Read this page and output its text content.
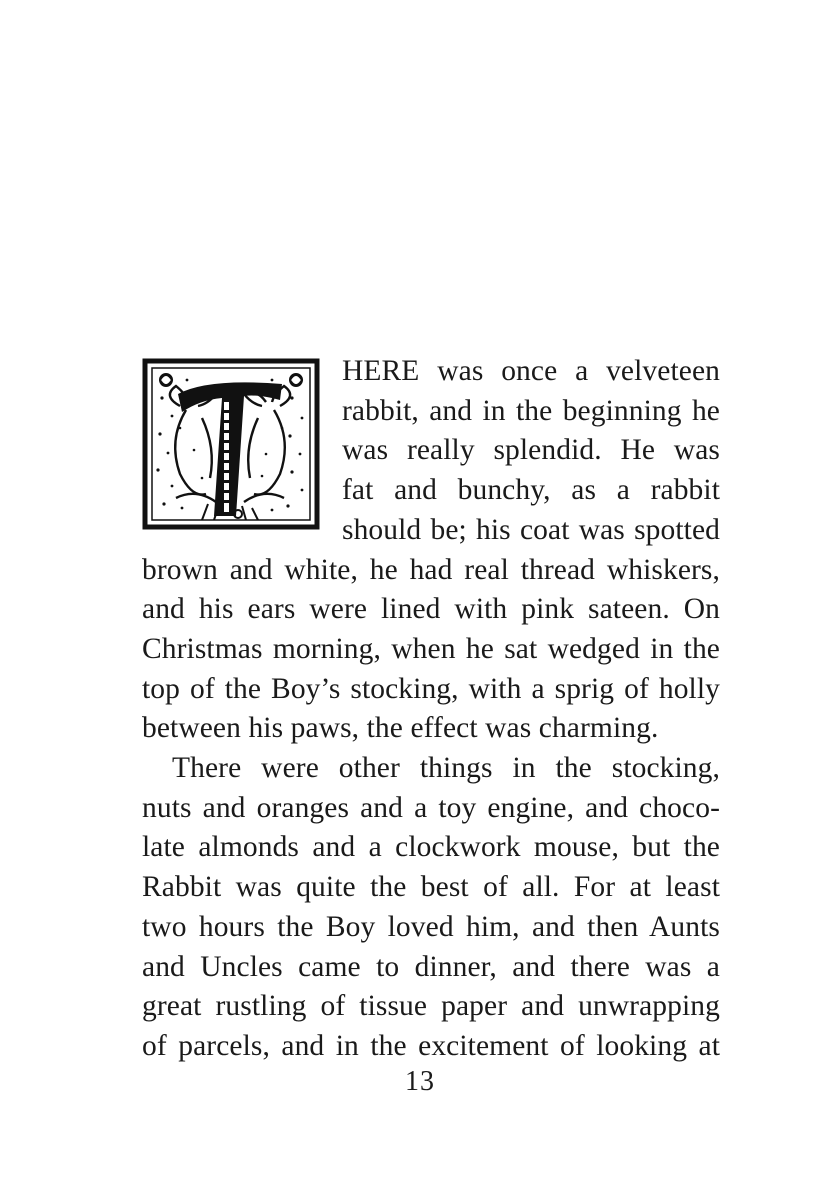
HERE was once a velveteen
rabbit, and in the beginning he
was really splendid. He was
fat and bunchy, as a rabbit
should be; his coat was spotted
brown and white, he had real thread whiskers,
and his ears were lined with pink sateen. On
Christmas morning, when he sat wedged in the
top of the Boy’s stocking, with a sprig of holly
between his paws, the effect was charming.

There were other things in the stocking,
nuts and oranges and a toy engine, and choco-
late almonds and a clockwork mouse, but the
Rabbit was quite the best of all. For at least
two hours the Boy loved him, and then Aunts
and Uncles came to dinner, and there was a
great rustling of tissue paper and unwrapping
of parcels, and in the excitement of looking at

13
